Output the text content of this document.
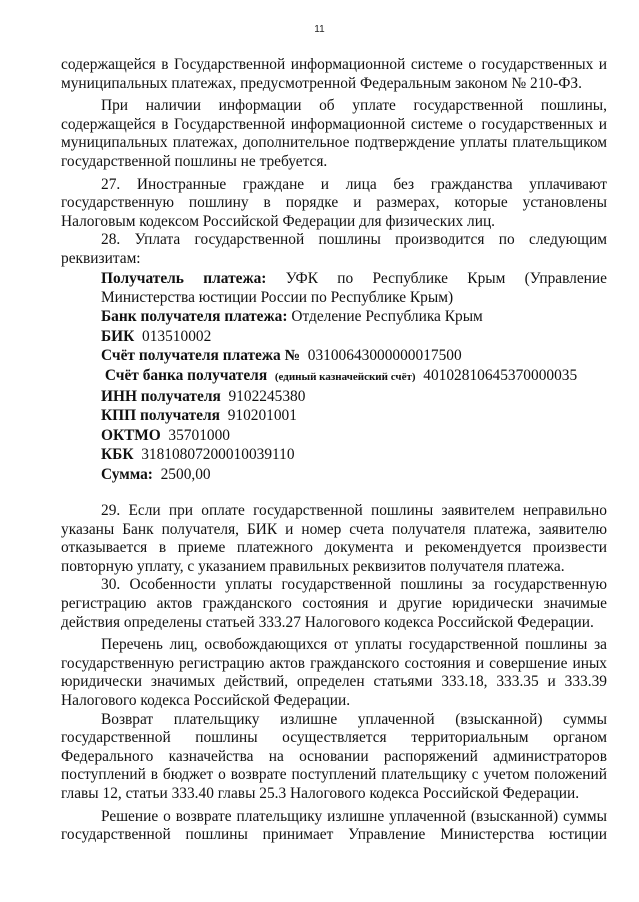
11

содержащейся в Государственной информационной системе о государственных и муниципальных платежах, предусмотренной Федеральным законом № 210-ФЗ.

При наличии информации об уплате государственной пошлины, содержащейся в Государственной информационной системе о государственных и муниципальных платежах, дополнительное подтверждение уплаты плательщиком государственной пошлины не требуется.

27. Иностранные граждане и лица без гражданства уплачивают государственную пошлину в порядке и размерах, которые установлены Налоговым кодексом Российской Федерации для физических лиц.

28. Уплата государственной пошлины производится по следующим реквизитам:

Получатель платежа: УФК по Республике Крым (Управление Министерства юстиции России по Республике Крым)

Банк получателя платежа: Отделение Республика Крым

БИК 013510002

Счёт получателя платежа № 03100643000000017500

Счёт банка получателя (единый казначейский счёт) 40102810645370000035

ИНН получателя 9102245380

КПП получателя 910201001

ОКТМО 35701000

КБК 31810807200010039110

Сумма: 2500,00

29. Если при оплате государственной пошлины заявителем неправильно указаны Банк получателя, БИК и номер счета получателя платежа, заявителю отказывается в приеме платежного документа и рекомендуется произвести повторную уплату, с указанием правильных реквизитов получателя платежа.

30. Особенности уплаты государственной пошлины за государственную регистрацию актов гражданского состояния и другие юридически значимые действия определены статьей 333.27 Налогового кодекса Российской Федерации.

Перечень лиц, освобождающихся от уплаты государственной пошлины за государственную регистрацию актов гражданского состояния и совершение иных юридически значимых действий, определен статьями 333.18, 333.35 и 333.39 Налогового кодекса Российской Федерации.

Возврат плательщику излишне уплаченной (взысканной) суммы государственной пошлины осуществляется территориальным органом Федерального казначейства на основании распоряжений администраторов поступлений в бюджет о возврате поступлений плательщику с учетом положений главы 12, статьи 333.40 главы 25.3 Налогового кодекса Российской Федерации.

Решение о возврате плательщику излишне уплаченной (взысканной) суммы государственной пошлины принимает Управление Министерства юстиции
